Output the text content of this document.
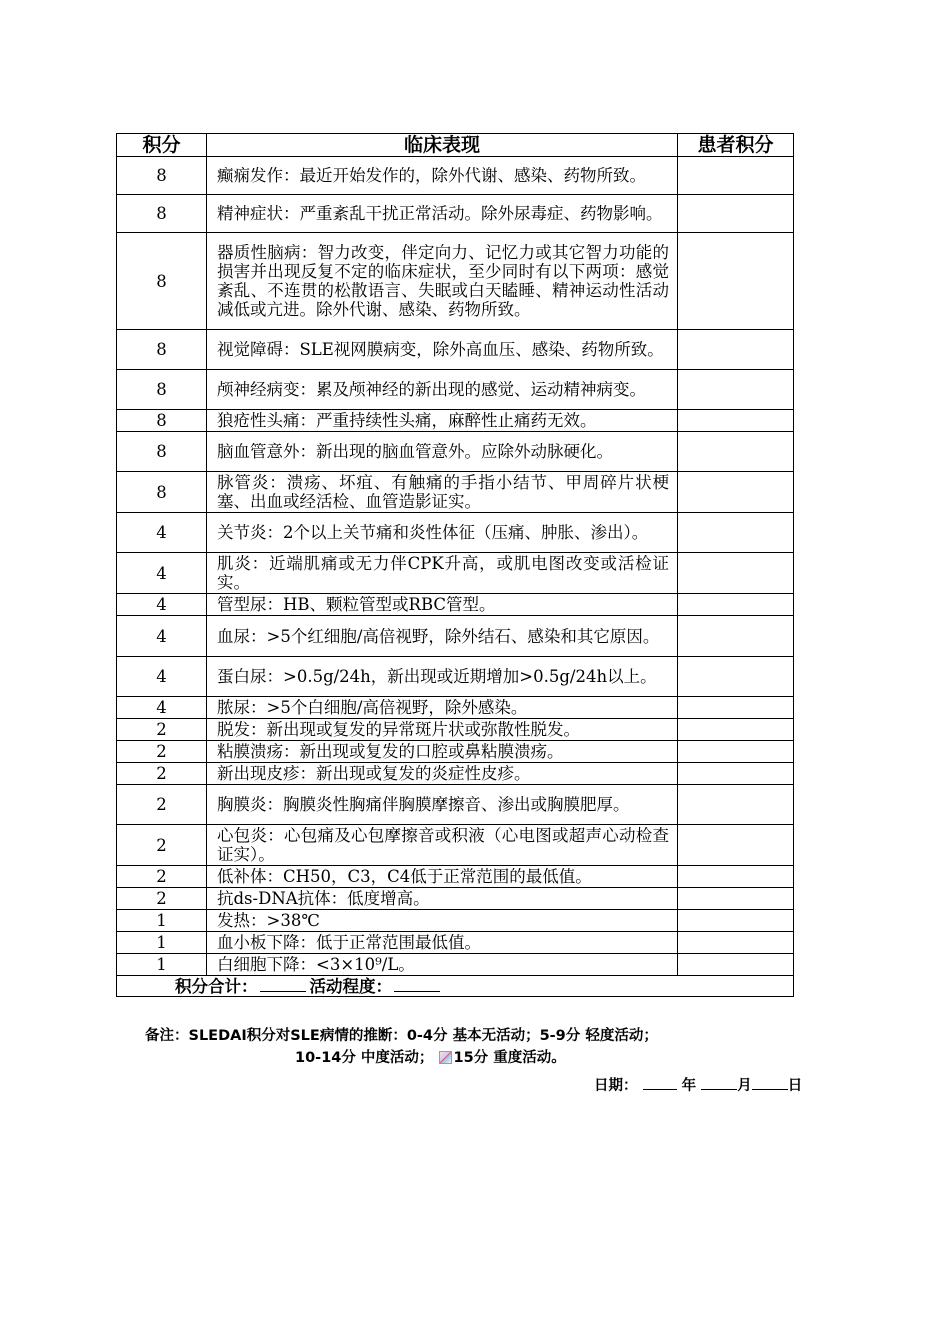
积分	临床表现	患者积分
8	癫痫发作：最近开始发作的，除外代谢、感染、药物所致。	
8	精神症状：严重紊乱干扰正常活动。除外尿毒症、药物影响。	
8	器质性脑病：智力改变，伴定向力、记忆力或其它智力功能的损害并出现反复不定的临床症状，至少同时有以下两项：感觉紊乱、不连贯的松散语言、失眠或白天瞌睡、精神运动性活动减低或亢进。除外代谢、感染、药物所致。	
8	视觉障碍：SLE视网膜病变，除外高血压、感染、药物所致。	
8	颅神经病变：累及颅神经的新出现的感觉、运动精神病变。	
8	狼疮性头痛：严重持续性头痛，麻醉性止痛药无效。	
8	脑血管意外：新出现的脑血管意外。应除外动脉硬化。	
8	脉管炎：溃疡、坏疽、有触痛的手指小结节、甲周碎片状梗塞、出血或经活检、血管造影证实。	
4	关节炎：2个以上关节痛和炎性体征（压痛、肿胀、渗出）。	
4	肌炎：近端肌痛或无力伴CPK升高，或肌电图改变或活检证实。	
4	管型尿：HB、颗粒管型或RBC管型。	
4	血尿：>5个红细胞/高倍视野，除外结石、感染和其它原因。	
4	蛋白尿：>0.5g/24h，新出现或近期增加>0.5g/24h以上。	
4	脓尿：>5个白细胞/高倍视野，除外感染。	
2	脱发：新出现或复发的异常斑片状或弥散性脱发。	
2	粘膜溃疡：新出现或复发的口腔或鼻粘膜溃疡。	
2	新出现皮疹：新出现或复发的炎症性皮疹。	
2	胸膜炎：胸膜炎性胸痛伴胸膜摩擦音、渗出或胸膜肥厚。	
2	心包炎：心包痛及心包摩擦音或积液（心电图或超声心动检查证实）。	
2	低补体：CH50，C3，C4低于正常范围的最低值。	
2	抗ds-DNA抗体：低度增高。	
1	发热：>38℃	
1	血小板下降：低于正常范围最低值。	
1	白细胞下降：<3×10⁹/L。	
积分合计： 活动程度：		
备注：SLEDAI积分对SLE病情的推断：0-4分 基本无活动；5-9分 轻度活动；
10-14分 中度活动； 15分 重度活动。
日期：	年	月 日
